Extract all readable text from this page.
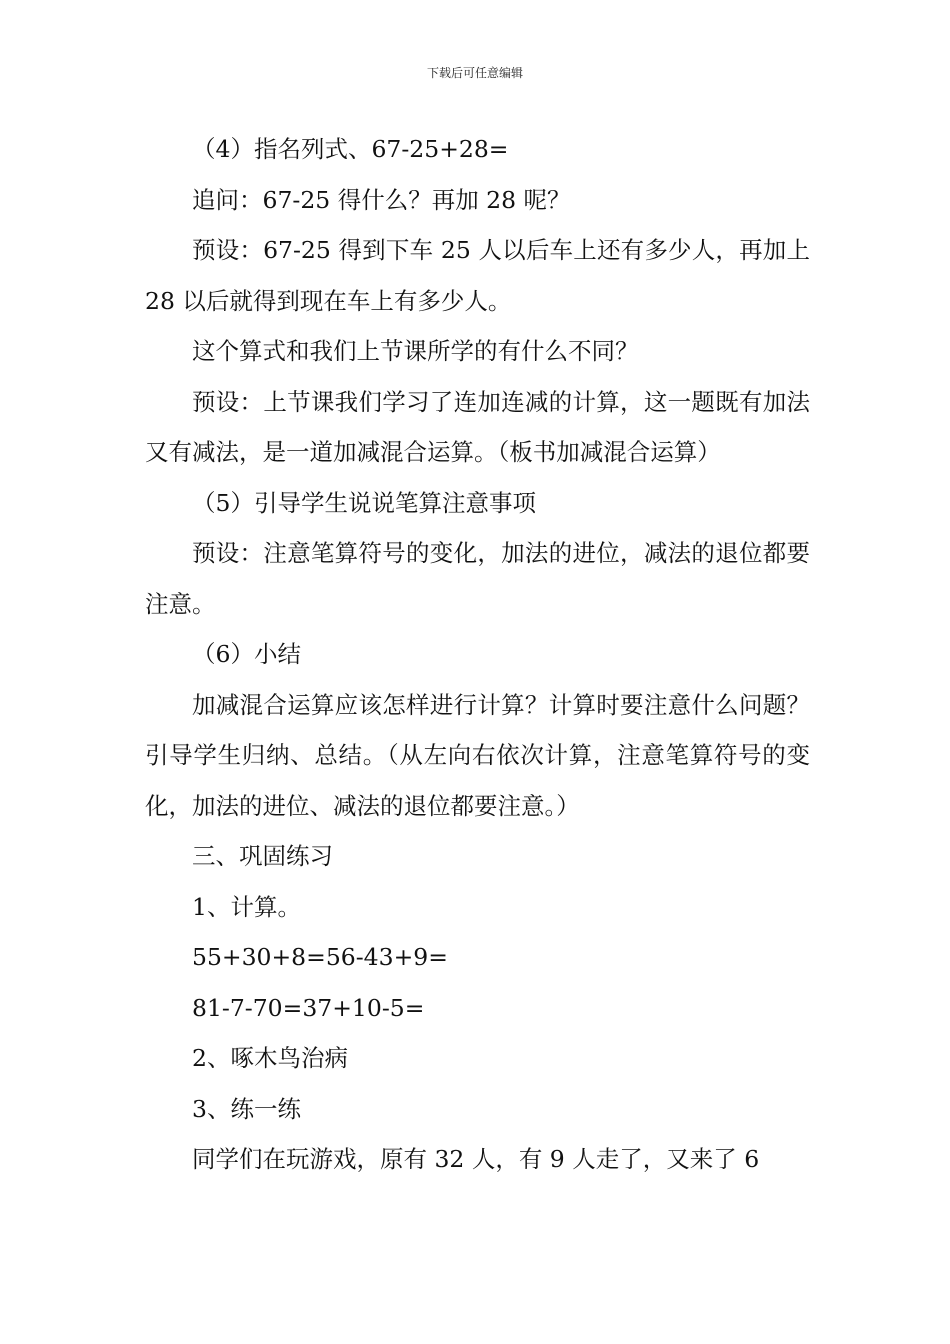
下载后可任意编辑

（4）指名列式、67-25+28=

追问：67-25 得什么？再加 28 呢？

预设：67-25 得到下车 25 人以后车上还有多少人，再加上 28 以后就得到现在车上有多少人。

这个算式和我们上节课所学的有什么不同？

预设：上节课我们学习了连加连减的计算，这一题既有加法又有减法，是一道加减混合运算。（板书加减混合运算）

（5）引导学生说说笔算注意事项

预设：注意笔算符号的变化，加法的进位，减法的退位都要注意。

（6）小结

加减混合运算应该怎样进行计算？计算时要注意什么问题？引导学生归纳、总结。（从左向右依次计算，注意笔算符号的变化，加法的进位、减法的退位都要注意。）

三、巩固练习

1、计算。

55+30+8=56-43+9=

81-7-70=37+10-5=

2、啄木鸟治病

3、练一练

同学们在玩游戏，原有 32 人，有 9 人走了，又来了 6
